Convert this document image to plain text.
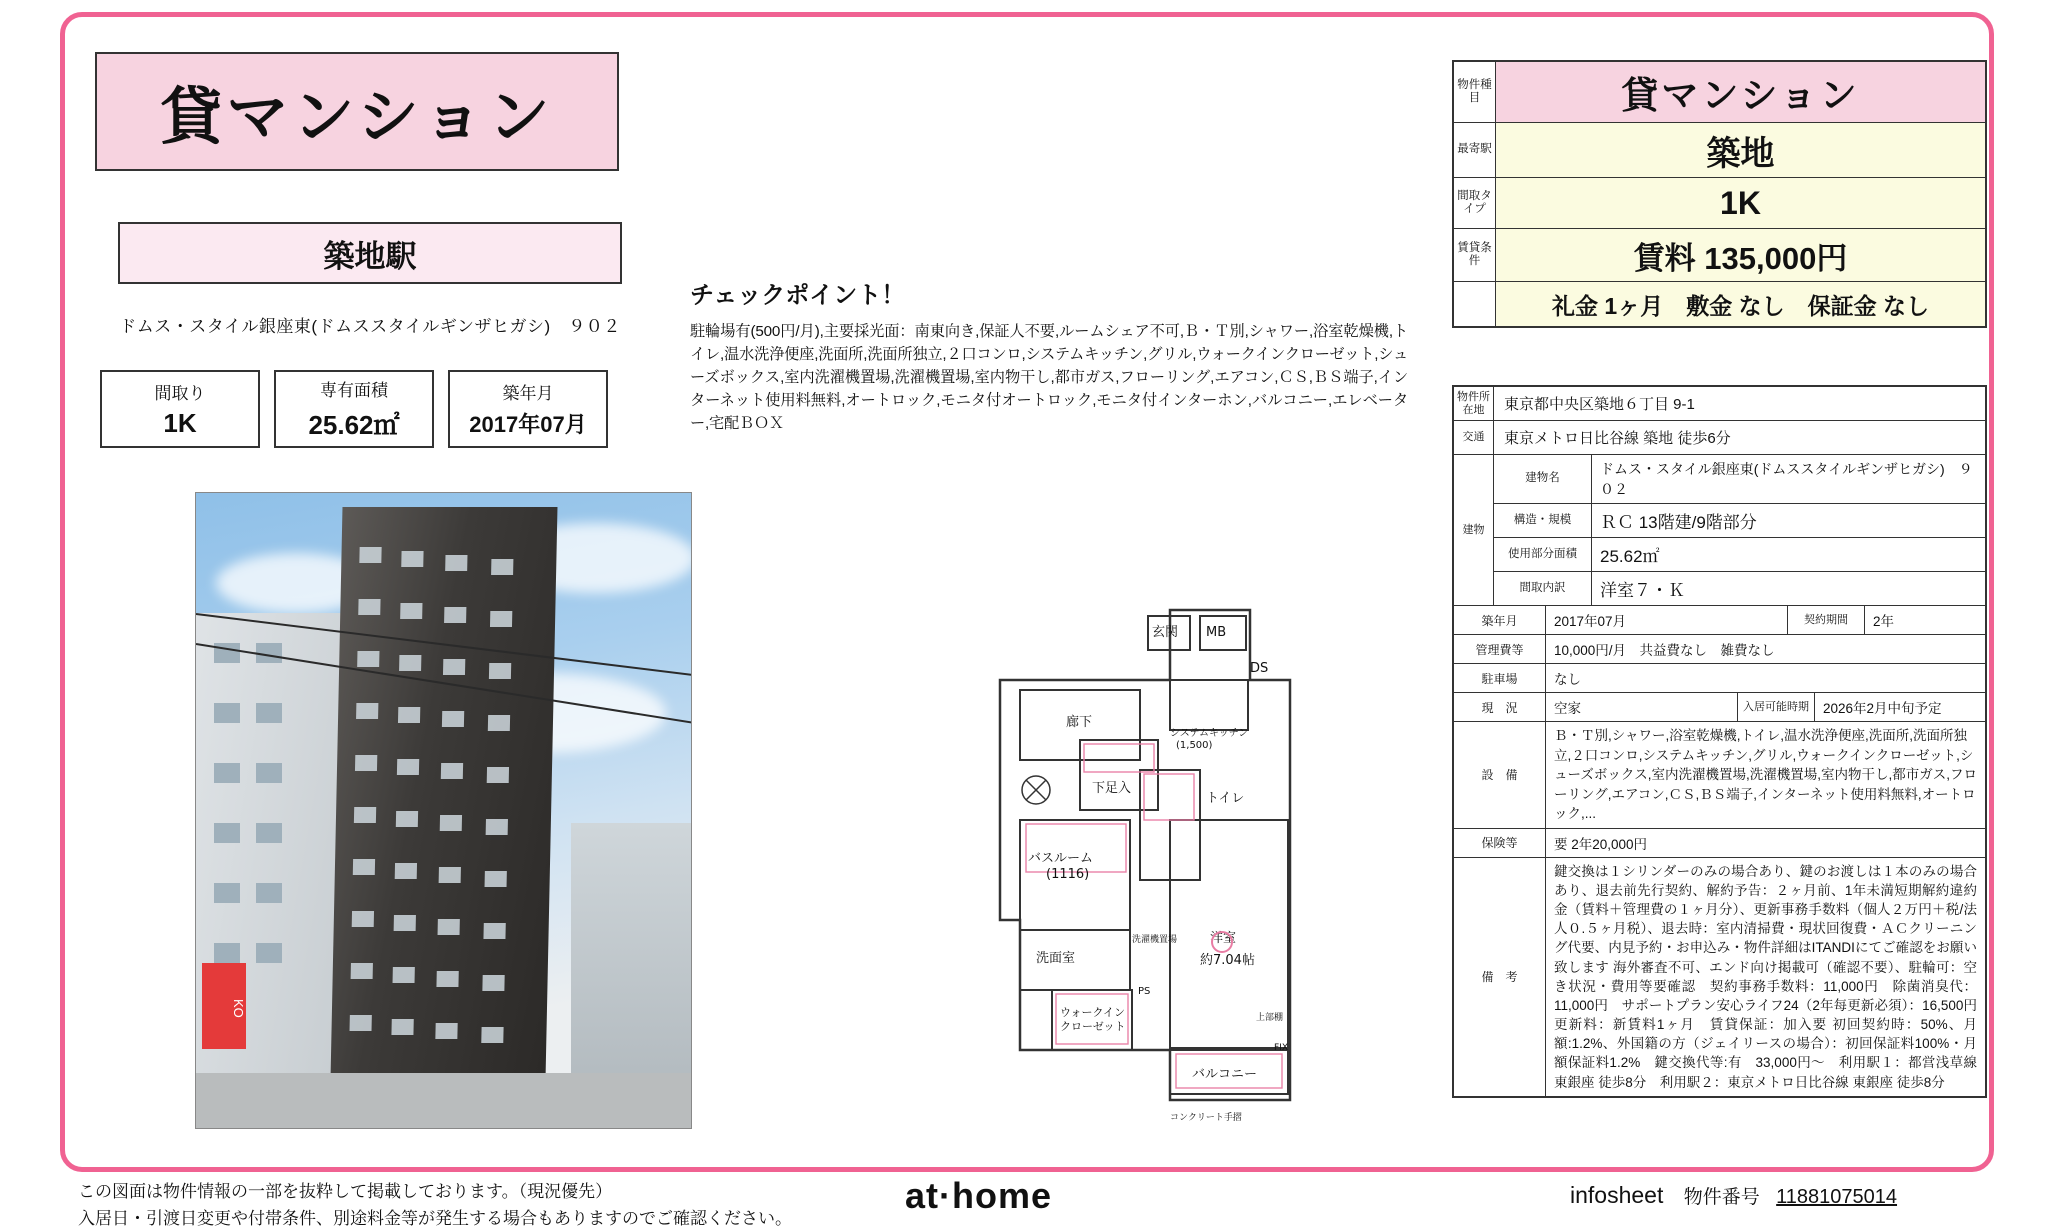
貸マンション
築地駅
ドムス・スタイル銀座東(ドムススタイルギンザヒガシ)　９０２
間取り
1K
専有面積
25.62㎡
築年月
2017年07月
チェックポイント！
駐輪場有(500円/月),主要採光面：南東向き,保証人不要,ルームシェア不可,Ｂ・Ｔ別,シャワー,浴室乾燥機,トイレ,温水洗浄便座,洗面所,洗面所独立,２口コンロ,システムキッチン,グリル,ウォークインクローゼット,シューズボックス,室内洗濯機置場,洗濯機置場,室内物干し,都市ガス,フローリング,エアコン,ＣＳ,ＢＳ端子,インターネット使用料無料,オートロック,モニタ付オートロック,モニタ付インターホン,バルコニー,エレベーター,宅配ＢＯＸ
KO
玄関 MB
DS
廊下
システムキッチン
(1,500)
下足入
トイレ
バスルーム
(1116)
洗面室
洗濯機置場
PS
ウォークイン
クローゼット
洋室
約7.04帖
バルコニー
上部棚
FIX
コンクリート手摺
物件種目	貸マンション
最寄駅	築地
間取タイプ	1K
賃貸条件	賃料 135,000円
礼金 1ヶ月　敷金 なし　保証金 なし
物件所在地	東京都中央区築地６丁目 9-1
交通	東京メトロ日比谷線 築地 徒歩6分
建物
建物名
ドムス・スタイル銀座東(ドムススタイルギンザヒガシ)　９０２
構造・規模	ＲＣ 13階建/9階部分
使用部分面積	25.62㎡
間取内訳	洋室７・Ｋ
築年月	2017年07月	契約期間	2年
管理費等	10,000円/月　共益費なし　雑費なし
駐車場	なし
現　況	空家	入居可能時期	2026年2月中旬予定
設　備
Ｂ・Ｔ別,シャワー,浴室乾燥機,トイレ,温水洗浄便座,洗面所,洗面所独立,２口コンロ,システムキッチン,グリル,ウォークインクローゼット,シューズボックス,室内洗濯機置場,洗濯機置場,室内物干し,都市ガス,フローリング,エアコン,ＣＳ,ＢＳ端子,インターネット使用料無料,オートロック,...
保険等	要 2年20,000円
備　考
鍵交換は１シリンダーのみの場合あり、鍵のお渡しは１本のみの場合あり、退去前先行契約、解約予告：２ヶ月前、1年未満短期解約違約金（賃料＋管理費の１ヶ月分）、更新事務手数料（個人２万円＋税/法人０.５ヶ月税）、退去時：室内清掃費・現状回復費・ＡＣクリーニング代要、内見予約・お申込み・物件詳細はITANDIにてご確認をお願い致します 海外審査不可、エンド向け掲載可（確認不要）、駐輪可：空き状況・費用等要確認　契約事務手数料：11,000円　除菌消臭代：11,000円　サポートプラン安心ライフ24（2年每更新必須）：16,500円　更新料：新賃料1ヶ月　賃貸保証：加入要 初回契約時：50%、月額:1.2%、外国籍の方（ジェイリースの場合）：初回保証料100%・月額保証料1.2%　鍵交換代等:有　33,000円〜　利用駅１：都営浅草線 東銀座 徒歩8分　利用駅２：東京メトロ日比谷線 東銀座 徒歩8分
この図面は物件情報の一部を抜粋して掲載しております。（現況優先）
入居日・引渡日変更や付帯条件、別途料金等が発生する場合もありますのでご確認ください。
at·home	infosheet 物件番号 11881075014
